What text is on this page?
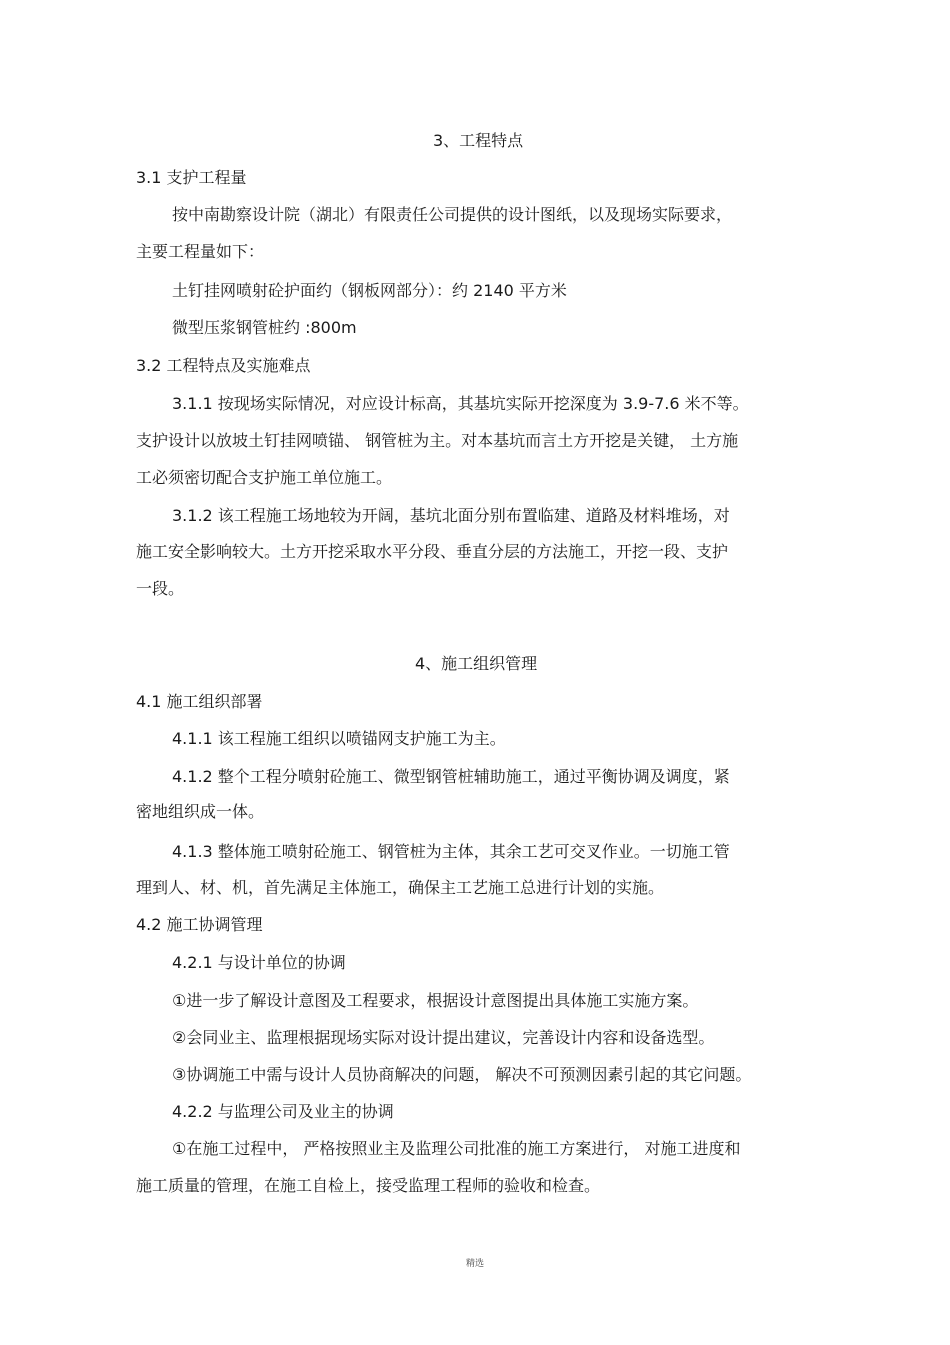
3、工程特点

3.1 支护工程量

按中南勘察设计院（湖北）有限责任公司提供的设计图纸，以及现场实际要求，

主要工程量如下：

土钉挂网喷射砼护面约（钢板网部分）：约 2140 平方米

微型压浆钢管桩约 :800m

3.2 工程特点及实施难点

3.1.1 按现场实际情况，对应设计标高，其基坑实际开挖深度为 3.9-7.6 米不等。

支护设计以放坡土钉挂网喷锚、 钢管桩为主。对本基坑而言土方开挖是关键， 土方施

工必须密切配合支护施工单位施工。

3.1.2 该工程施工场地较为开阔，基坑北面分别布置临建、道路及材料堆场，对

施工安全影响较大。土方开挖采取水平分段、垂直分层的方法施工，开挖一段、支护

一段。

4、施工组织管理

4.1 施工组织部署

4.1.1 该工程施工组织以喷锚网支护施工为主。

4.1.2 整个工程分喷射砼施工、微型钢管桩辅助施工，通过平衡协调及调度，紧

密地组织成一体。

4.1.3 整体施工喷射砼施工、钢管桩为主体，其余工艺可交叉作业。一切施工管

理到人、材、机，首先满足主体施工，确保主工艺施工总进行计划的实施。

4.2 施工协调管理

4.2.1 与设计单位的协调

①进一步了解设计意图及工程要求，根据设计意图提出具体施工实施方案。

②会同业主、监理根据现场实际对设计提出建议，完善设计内容和设备选型。

③协调施工中需与设计人员协商解决的问题， 解决不可预测因素引起的其它问题。

4.2.2 与监理公司及业主的协调

①在施工过程中， 严格按照业主及监理公司批准的施工方案进行， 对施工进度和

施工质量的管理，在施工自检上，接受监理工程师的验收和检查。

精选
